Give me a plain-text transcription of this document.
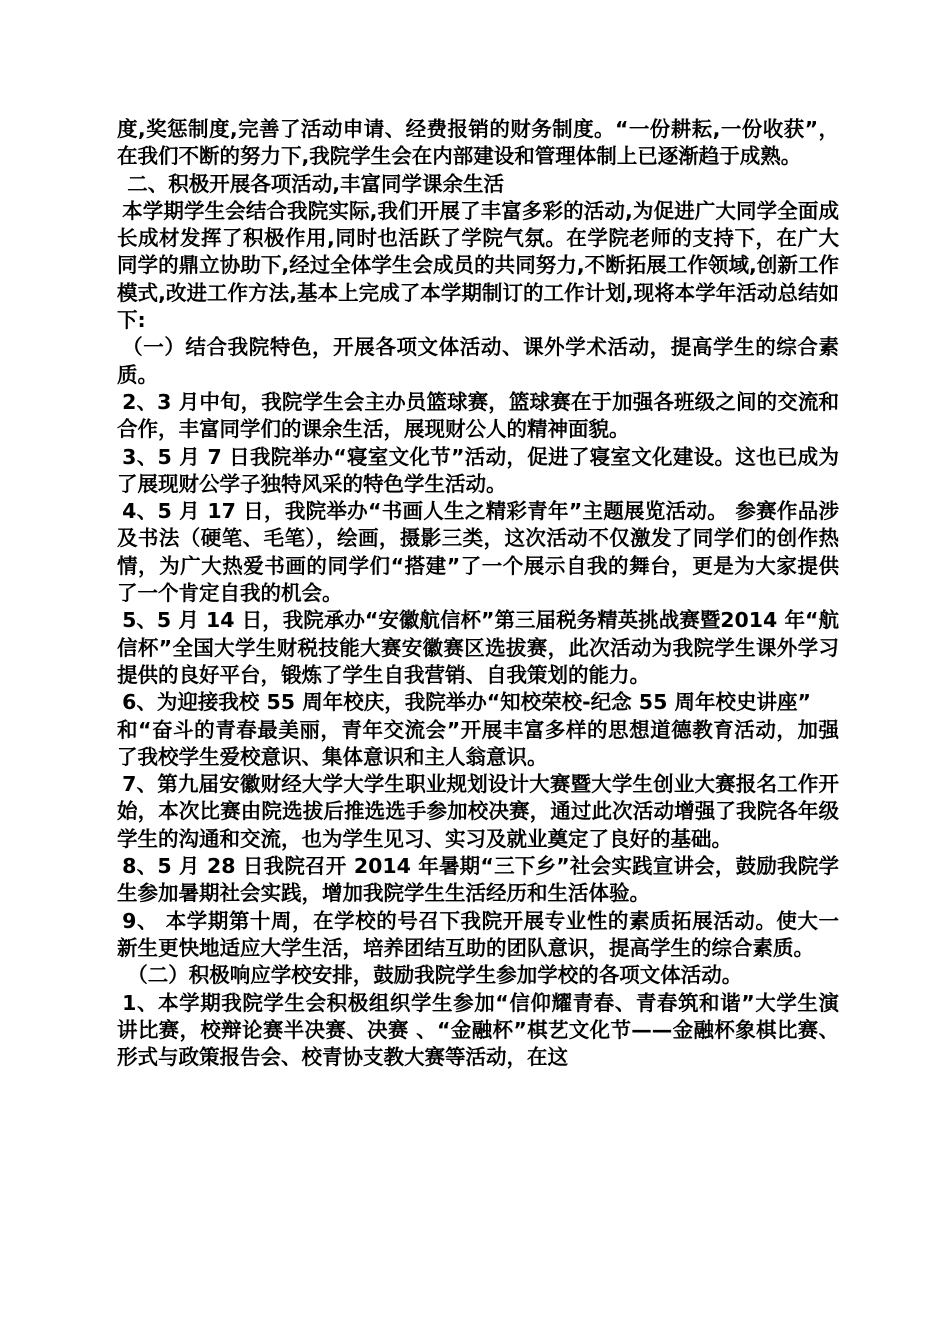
度,奖惩制度,完善了活动申请、经费报销的财务制度。“一份耕耘,一份收获”，在我们不断的努力下,我院学生会在内部建设和管理体制上已逐渐趋于成熟。

二、积极开展各项活动,丰富同学课余生活

本学期学生会结合我院实际,我们开展了丰富多彩的活动,为促进广大同学全面成长成材发挥了积极作用,同时也活跃了学院气氛。在学院老师的支持下，在广大同学的鼎立协助下,经过全体学生会成员的共同努力,不断拓展工作领域,创新工作模式,改进工作方法,基本上完成了本学期制订的工作计划,现将本学年活动总结如下:

（一）结合我院特色，开展各项文体活动、课外学术活动，提高学生的综合素质。

2、3 月中旬，我院学生会主办员篮球赛，篮球赛在于加强各班级之间的交流和合作，丰富同学们的课余生活，展现财公人的精神面貌。

3、5 月 7 日我院举办“寝室文化节”活动，促进了寝室文化建设。这也已成为了展现财公学子独特风采的特色学生活动。

4、5 月 17 日，我院举办“书画人生之精彩青年”主题展览活动。 参赛作品涉及书法（硬笔、毛笔），绘画，摄影三类，这次活动不仅激发了同学们的创作热情，为广大热爱书画的同学们“搭建”了一个展示自我的舞台，更是为大家提供了一个肯定自我的机会。

5、5 月 14 日，我院承办“安徽航信杯”第三届税务精英挑战赛暨2014 年“航信杯”全国大学生财税技能大赛安徽赛区选拔赛，此次活动为我院学生课外学习提供的良好平台，锻炼了学生自我营销、自我策划的能力。

6、为迎接我校 55 周年校庆，我院举办“知校荣校-纪念 55 周年校史讲座”

和“奋斗的青春最美丽，青年交流会”开展丰富多样的思想道德教育活动，加强了我校学生爱校意识、集体意识和主人翁意识。

7、第九届安徽财经大学大学生职业规划设计大赛暨大学生创业大赛报名工作开始，本次比赛由院选拔后推选选手参加校决赛，通过此次活动增强了我院各年级学生的沟通和交流，也为学生见习、实习及就业奠定了良好的基础。

8、5 月 28 日我院召开 2014 年暑期“三下乡”社会实践宣讲会，鼓励我院学生参加暑期社会实践，增加我院学生生活经历和生活体验。

9、 本学期第十周，在学校的号召下我院开展专业性的素质拓展活动。使大一新生更快地适应大学生活，培养团结互助的团队意识，提高学生的综合素质。

（二）积极响应学校安排，鼓励我院学生参加学校的各项文体活动。

1、本学期我院学生会积极组织学生参加“信仰耀青春、青春筑和谐”大学生演讲比赛，校辩论赛半决赛、决赛 、“金融杯”棋艺文化节——金融杯象棋比赛、形式与政策报告会、校青协支教大赛等活动，在这
